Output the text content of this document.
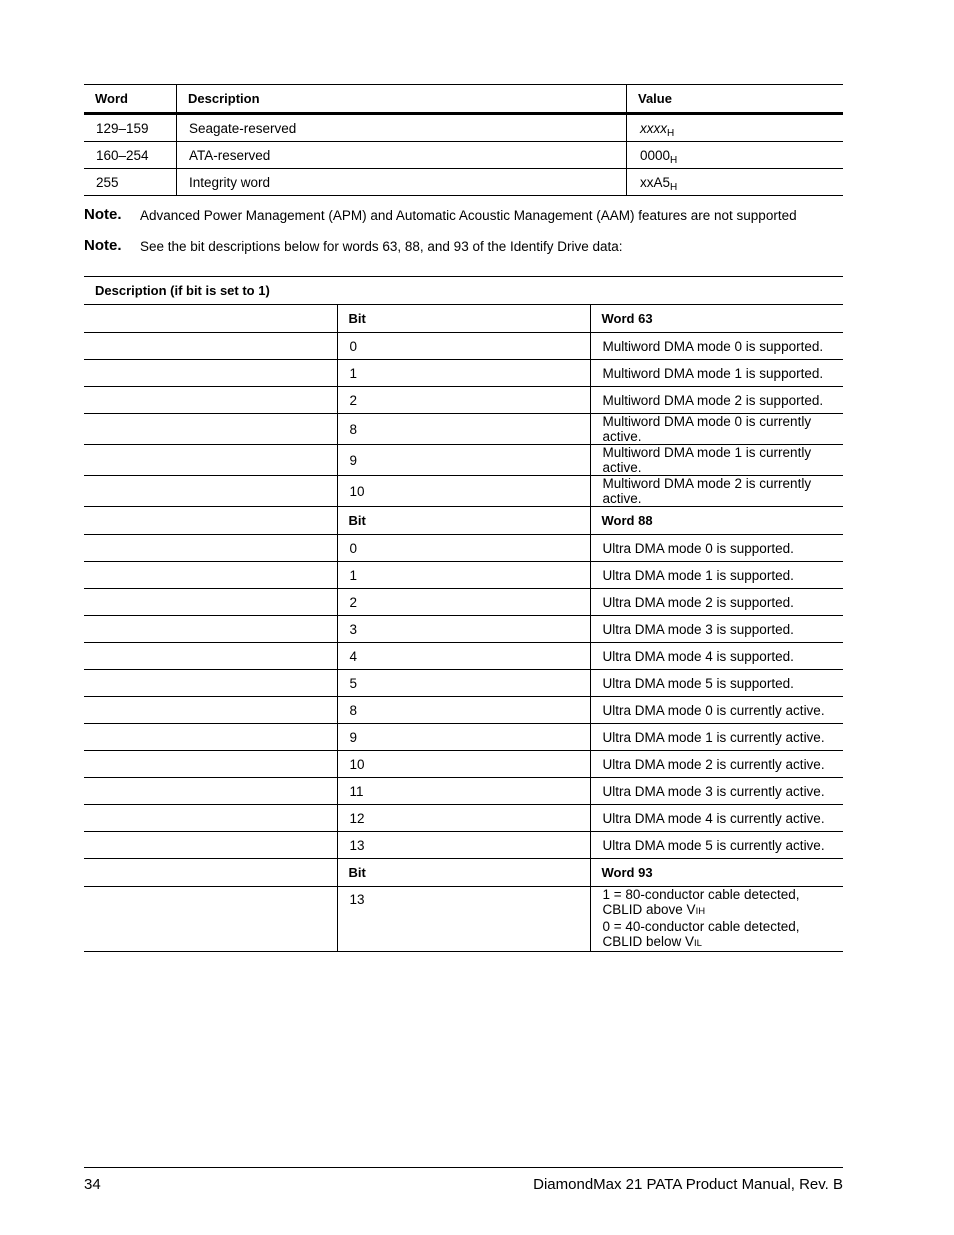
Word	Description	Value
129–159	Seagate-reserved	xxxx$_H$
160–254	ATA-reserved	$0000_H$
255	Integrity word	$xxA5_H$
Note. Advanced Power Management (APM) and Automatic Acoustic Management (AAM) features are not supported
Note. See the bit descriptions below for words 63, 88, and 93 of the Identify Drive data:
Description (if bit is set to 1)		
	Bit	Word 63
	0	Multiword DMA mode 0 is supported.
	1	Multiword DMA mode 1 is supported.
	2	Multiword DMA mode 2 is supported.
	8	Multiword DMA mode 0 is currently active.
	9	Multiword DMA mode 1 is currently active.
	10	Multiword DMA mode 2 is currently active.
	Bit	Word 88
	0	Ultra DMA mode 0 is supported.
	1	Ultra DMA mode 1 is supported.
	2	Ultra DMA mode 2 is supported.
	3	Ultra DMA mode 3 is supported.
	4	Ultra DMA mode 4 is supported.
	5	Ultra DMA mode 5 is supported.
	8	Ultra DMA mode 0 is currently active.
	9	Ultra DMA mode 1 is currently active.
	10	Ultra DMA mode 2 is currently active.
	11	Ultra DMA mode 3 is currently active.
	12	Ultra DMA mode 4 is currently active.
	13	Ultra DMA mode 5 is currently active.
	Bit	Word 93
	13	1 = 80-conductor cable detected, CBLID above VIH
0 = 40-conductor cable detected, CBLID below VIL
34	DiamondMax 21 PATA Product Manual, Rev. B
